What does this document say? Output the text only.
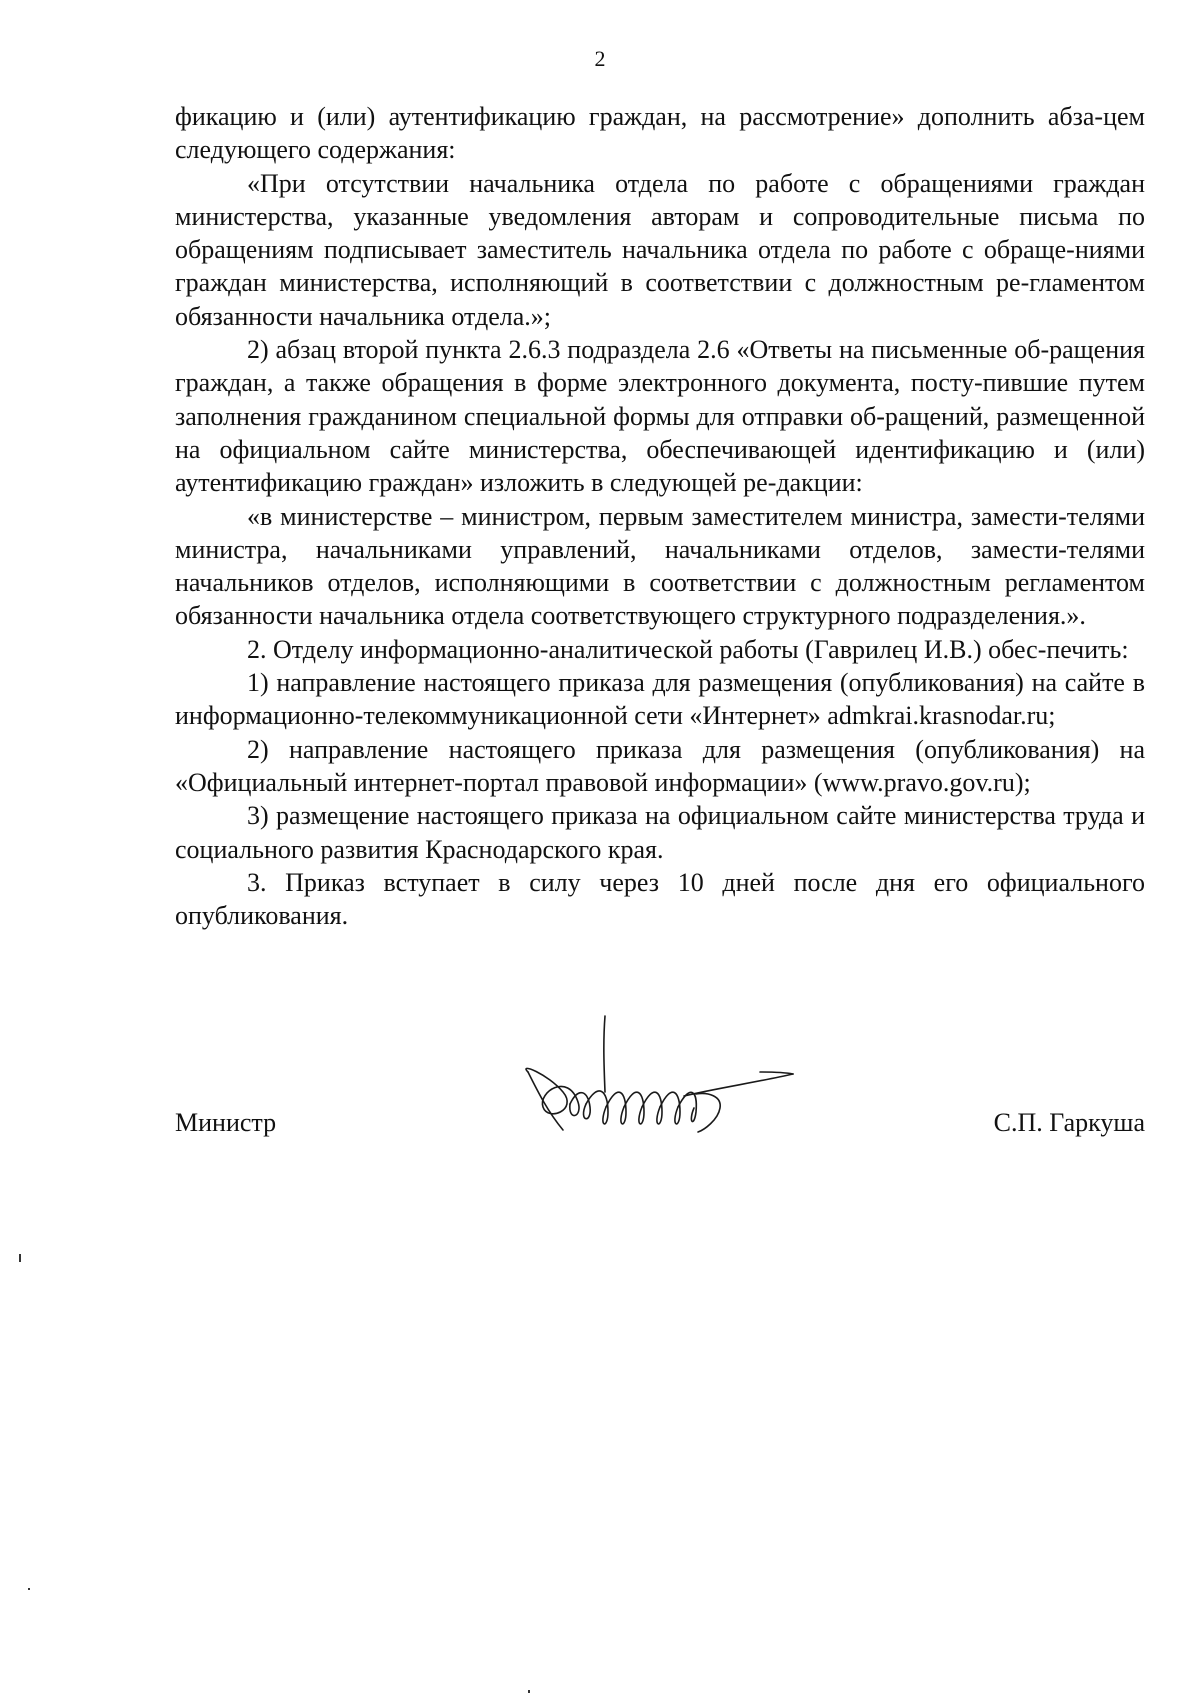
2

фикацию и (или) аутентификацию граждан, на рассмотрение» дополнить абза-цем следующего содержания:

«При отсутствии начальника отдела по работе с обращениями граждан министерства, указанные уведомления авторам и сопроводительные письма по обращениям подписывает заместитель начальника отдела по работе с обраще-ниями граждан министерства, исполняющий в соответствии с должностным ре-гламентом обязанности начальника отдела.»;

2) абзац второй пункта 2.6.3 подраздела 2.6 «Ответы на письменные об-ращения граждан, а также обращения в форме электронного документа, посту-пившие путем заполнения гражданином специальной формы для отправки об-ращений, размещенной на официальном сайте министерства, обеспечивающей идентификацию и (или) аутентификацию граждан» изложить в следующей ре-дакции:

«в министерстве – министром, первым заместителем министра, замести-телями министра, начальниками управлений, начальниками отделов, замести-телями начальников отделов, исполняющими в соответствии с должностным регламентом обязанности начальника отдела соответствующего структурного подразделения.».

2. Отделу информационно-аналитической работы (Гаврилец И.В.) обес-печить:

1) направление настоящего приказа для размещения (опубликования) на сайте в информационно-телекоммуникационной сети «Интернет» admkrai.krasnodar.ru;

2) направление настоящего приказа для размещения (опубликования) на «Официальный интернет-портал правовой информации» (www.pravo.gov.ru);

3) размещение настоящего приказа на официальном сайте министерства труда и социального развития Краснодарского края.

3. Приказ вступает в силу через 10 дней после дня его официального опубликования.

Министр	С.П. Гаркуша
